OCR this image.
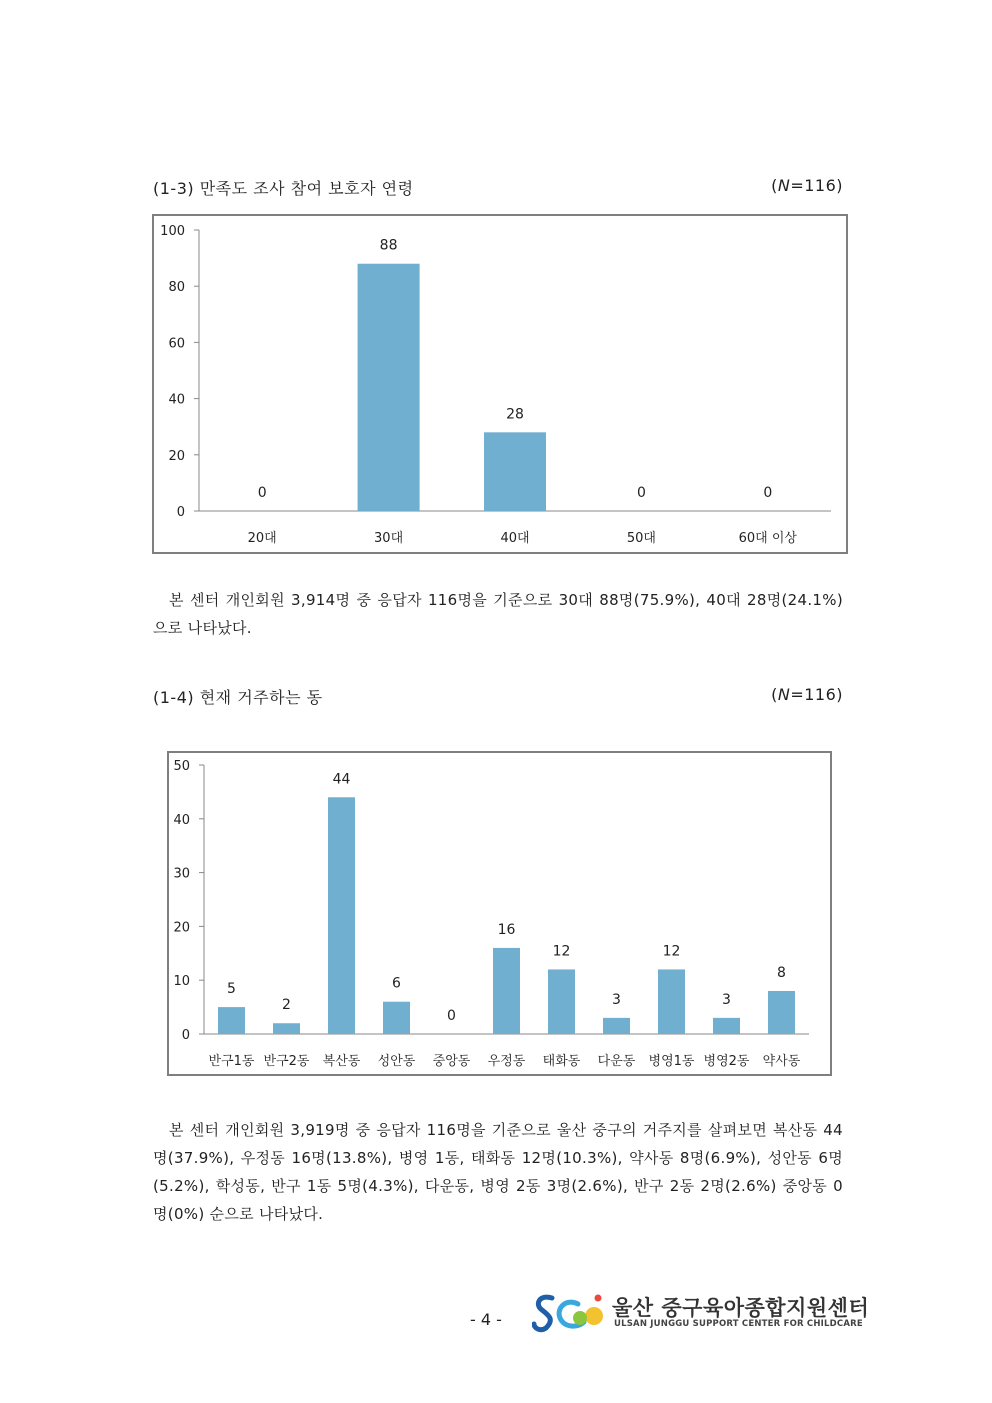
(1-3) 만족도 조사 참여 보호자 연령	(N=116)
0
20
40
60
80
100
0
20대
88
30대
28
40대
0
50대
0
60대 이상
본 센터 개인회원 3,914명 중 응답자 116명을 기준으로 30대 88명(75.9%), 40대 28명(24.1%)으로 나타났다.
(1-4) 현재 거주하는 동	(N=116)
0
10
20
30
40
50
5
반구1동
2
반구2동
44
복산동
6
성안동
0
중앙동
16
우정동
12
태화동
3
다운동
12
병영1동
3
병영2동
8
약사동
본 센터 개인회원 3,919명 중 응답자 116명을 기준으로 울산 중구의 거주지를 살펴보면 복산동 44명(37.9%), 우정동 16명(13.8%), 병영 1동, 태화동 12명(10.3%), 약사동 8명(6.9%), 성안동 6명(5.2%), 학성동, 반구 1동 5명(4.3%), 다운동, 병영 2동 3명(2.6%), 반구 2동 2명(2.6%) 중앙동 0명(0%) 순으로 나타났다.
- 4 -	울산 중구육아종합지원센터
ULSAN JUNGGU SUPPORT CENTER FOR CHILDCARE
